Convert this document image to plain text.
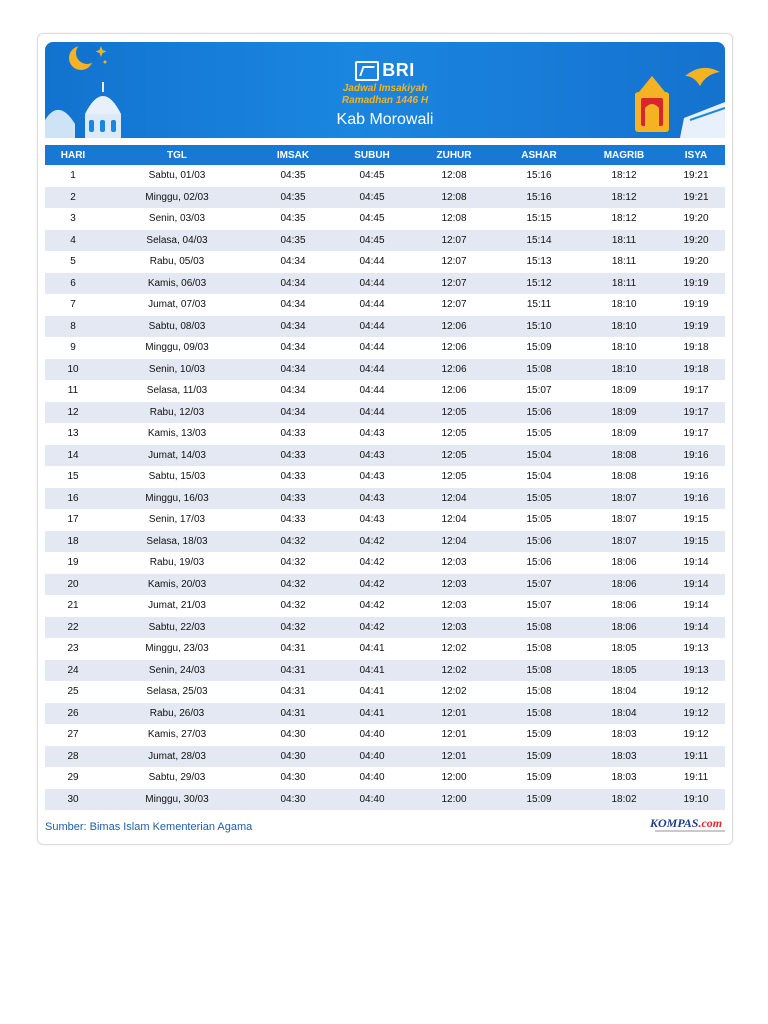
BRI
Jadwal Imsakiyah
Ramadhan 1446 H
Kab Morowali
HARI	TGL	IMSAK	SUBUH	ZUHUR	ASHAR	MAGRIB	ISYA
1	Sabtu, 01/03	04:35	04:45	12:08	15:16	18:12	19:21
2	Minggu, 02/03	04:35	04:45	12:08	15:16	18:12	19:21
3	Senin, 03/03	04:35	04:45	12:08	15:15	18:12	19:20
4	Selasa, 04/03	04:35	04:45	12:07	15:14	18:11	19:20
5	Rabu, 05/03	04:34	04:44	12:07	15:13	18:11	19:20
6	Kamis, 06/03	04:34	04:44	12:07	15:12	18:11	19:19
7	Jumat, 07/03	04:34	04:44	12:07	15:11	18:10	19:19
8	Sabtu, 08/03	04:34	04:44	12:06	15:10	18:10	19:19
9	Minggu, 09/03	04:34	04:44	12:06	15:09	18:10	19:18
10	Senin, 10/03	04:34	04:44	12:06	15:08	18:10	19:18
11	Selasa, 11/03	04:34	04:44	12:06	15:07	18:09	19:17
12	Rabu, 12/03	04:34	04:44	12:05	15:06	18:09	19:17
13	Kamis, 13/03	04:33	04:43	12:05	15:05	18:09	19:17
14	Jumat, 14/03	04:33	04:43	12:05	15:04	18:08	19:16
15	Sabtu, 15/03	04:33	04:43	12:05	15:04	18:08	19:16
16	Minggu, 16/03	04:33	04:43	12:04	15:05	18:07	19:16
17	Senin, 17/03	04:33	04:43	12:04	15:05	18:07	19:15
18	Selasa, 18/03	04:32	04:42	12:04	15:06	18:07	19:15
19	Rabu, 19/03	04:32	04:42	12:03	15:06	18:06	19:14
20	Kamis, 20/03	04:32	04:42	12:03	15:07	18:06	19:14
21	Jumat, 21/03	04:32	04:42	12:03	15:07	18:06	19:14
22	Sabtu, 22/03	04:32	04:42	12:03	15:08	18:06	19:14
23	Minggu, 23/03	04:31	04:41	12:02	15:08	18:05	19:13
24	Senin, 24/03	04:31	04:41	12:02	15:08	18:05	19:13
25	Selasa, 25/03	04:31	04:41	12:02	15:08	18:04	19:12
26	Rabu, 26/03	04:31	04:41	12:01	15:08	18:04	19:12
27	Kamis, 27/03	04:30	04:40	12:01	15:09	18:03	19:12
28	Jumat, 28/03	04:30	04:40	12:01	15:09	18:03	19:11
29	Sabtu, 29/03	04:30	04:40	12:00	15:09	18:03	19:11
30	Minggu, 30/03	04:30	04:40	12:00	15:09	18:02	19:10
Sumber: Bimas Islam Kementerian Agama	KOMPAS.com
